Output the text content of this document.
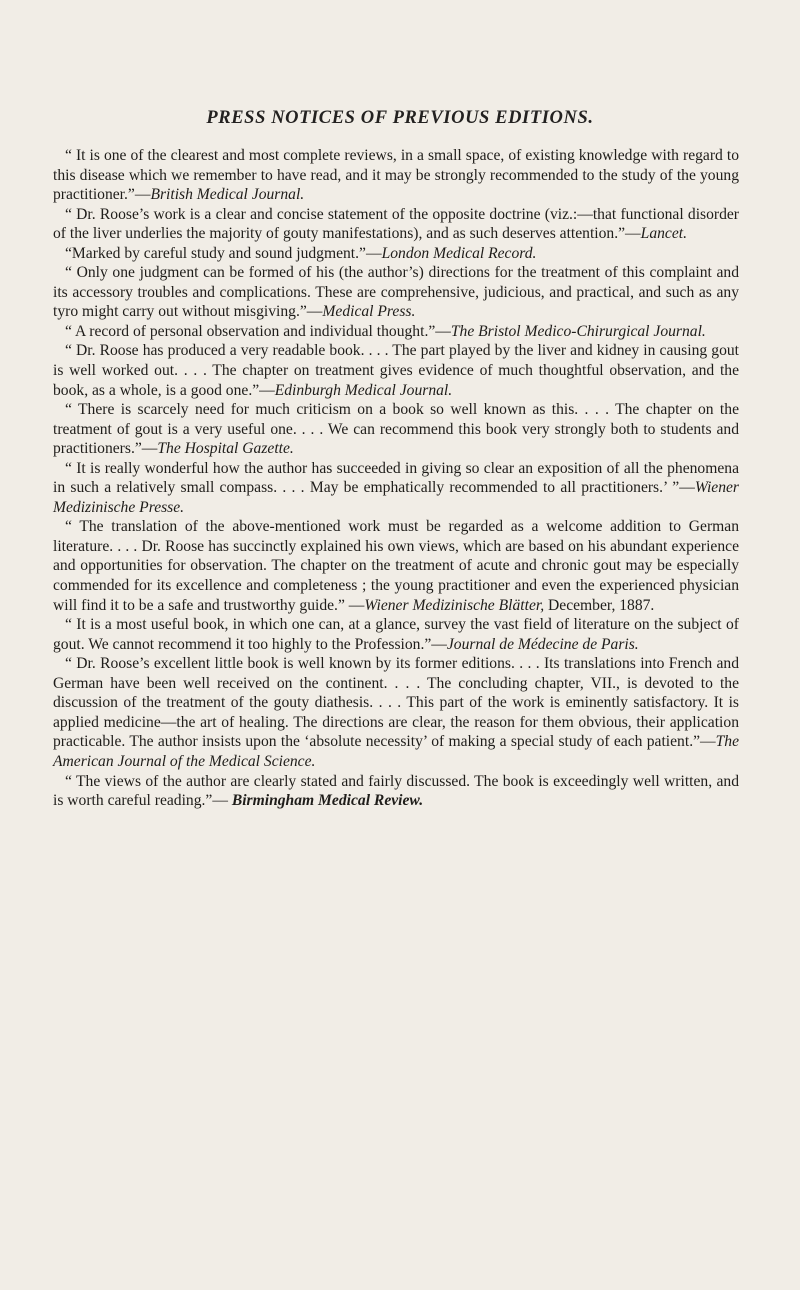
PRESS NOTICES OF PREVIOUS EDITIONS.

“ It is one of the clearest and most complete reviews, in a small space, of existing knowledge with regard to this disease which we remember to have read, and it may be strongly recommended to the study of the young practitioner.”—British Medical Journal.

“ Dr. Roose’s work is a clear and concise statement of the opposite doctrine (viz.:—that functional disorder of the liver underlies the majority of gouty manifestations), and as such deserves attention.”—Lancet.

“Marked by careful study and sound judgment.”—London Medical Record.

“ Only one judgment can be formed of his (the author’s) directions for the treatment of this complaint and its accessory troubles and complications. These are comprehensive, judicious, and practical, and such as any tyro might carry out without misgiving.”—Medical Press.

“ A record of personal observation and individual thought.”—The Bristol Medico-Chirurgical Journal.

“ Dr. Roose has produced a very readable book. . . . The part played by the liver and kidney in causing gout is well worked out. . . . The chapter on treatment gives evidence of much thoughtful observation, and the book, as a whole, is a good one.”—Edinburgh Medical Journal.

“ There is scarcely need for much criticism on a book so well known as this. . . . The chapter on the treatment of gout is a very useful one. . . . We can recommend this book very strongly both to students and practitioners.”—The Hospital Gazette.

“ It is really wonderful how the author has succeeded in giving so clear an exposition of all the phenomena in such a relatively small compass. . . . May be emphatically recommended to all practitioners.’ ”—Wiener Medizinische Presse.

“ The translation of the above-mentioned work must be regarded as a welcome addition to German literature. . . . Dr. Roose has succinctly explained his own views, which are based on his abundant experience and opportunities for observation. The chapter on the treatment of acute and chronic gout may be especially commended for its excellence and completeness ; the young practitioner and even the experienced physician will find it to be a safe and trustworthy guide.” —Wiener Medizinische Blätter, December, 1887.

“ It is a most useful book, in which one can, at a glance, survey the vast field of literature on the subject of gout. We cannot recommend it too highly to the Profession.”—Journal de Médecine de Paris.

“ Dr. Roose’s excellent little book is well known by its former editions. . . . Its translations into French and German have been well received on the continent. . . . The concluding chapter, VII., is devoted to the discussion of the treatment of the gouty diathesis. . . . This part of the work is eminently satisfactory. It is applied medicine—the art of healing. The directions are clear, the reason for them obvious, their application practicable. The author insists upon the ‘absolute necessity’ of making a special study of each patient.”—The American Journal of the Medical Science.

“ The views of the author are clearly stated and fairly discussed. The book is exceedingly well written, and is worth careful reading.”— Birmingham Medical Review.
